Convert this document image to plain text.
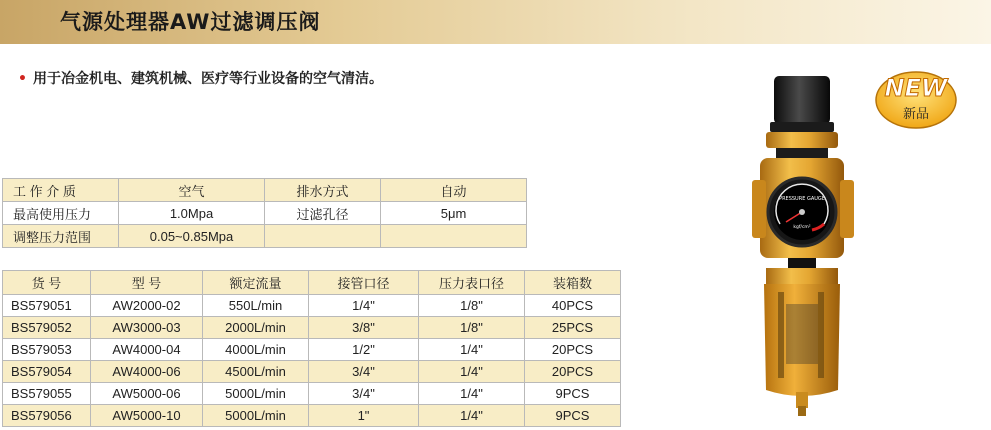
气源处理器AW过滤调压阀
• 用于冶金机电、建筑机械、医疗等行业设备的空气清洁。
工 作 介 质	空气	排水方式	自动
最高使用压力	1.0Mpa	过滤孔径	5μm
调整压力范围	0.05~0.85Mpa		
货 号	型 号	额定流量	接管口径	压力表口径	装箱数
BS579051	AW2000-02	550L/min	1/4"	1/8"	40PCS
BS579052	AW3000-03	2000L/min	3/8"	1/8"	25PCS
BS579053	AW4000-04	4000L/min	1/2"	1/4"	20PCS
BS579054	AW4000-06	4500L/min	3/4"	1/4"	20PCS
BS579055	AW5000-06	5000L/min	3/4"	1/4"	9PCS
BS579056	AW5000-10	5000L/min	1"	1/4"	9PCS
PRESSURE GAUGE
kgf/cm²
NEW
新品
